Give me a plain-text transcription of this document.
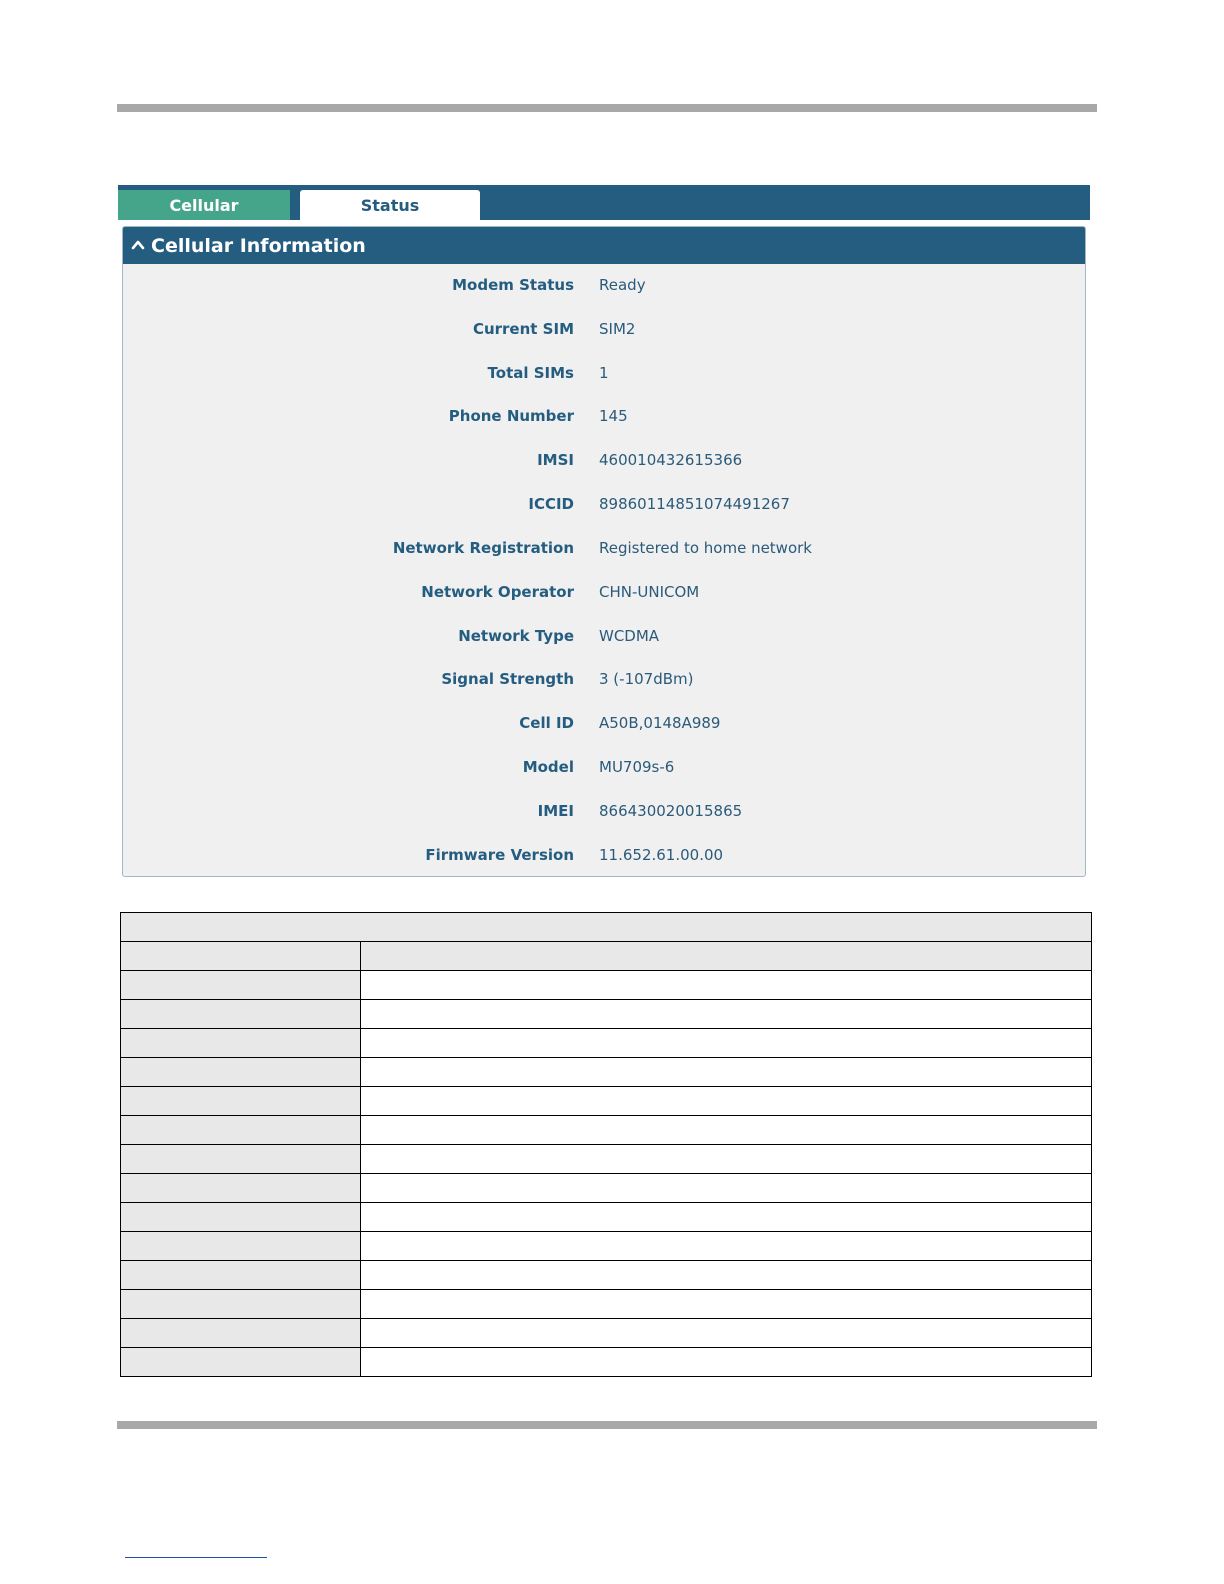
Cellular	Status
Cellular Information
Modem Status Ready
Current SIM SIM2
Total SIMs 1
Phone Number 145
IMSI 460010432615366
ICCID 89860114851074491267
Network Registration Registered to home network
Network Operator CHN-UNICOM
Network Type WCDMA
Signal Strength 3 (-107dBm)
Cell ID A50B,0148A989
Model MU709s-6
IMEI 866430020015865
Firmware Version 11.652.61.00.00
